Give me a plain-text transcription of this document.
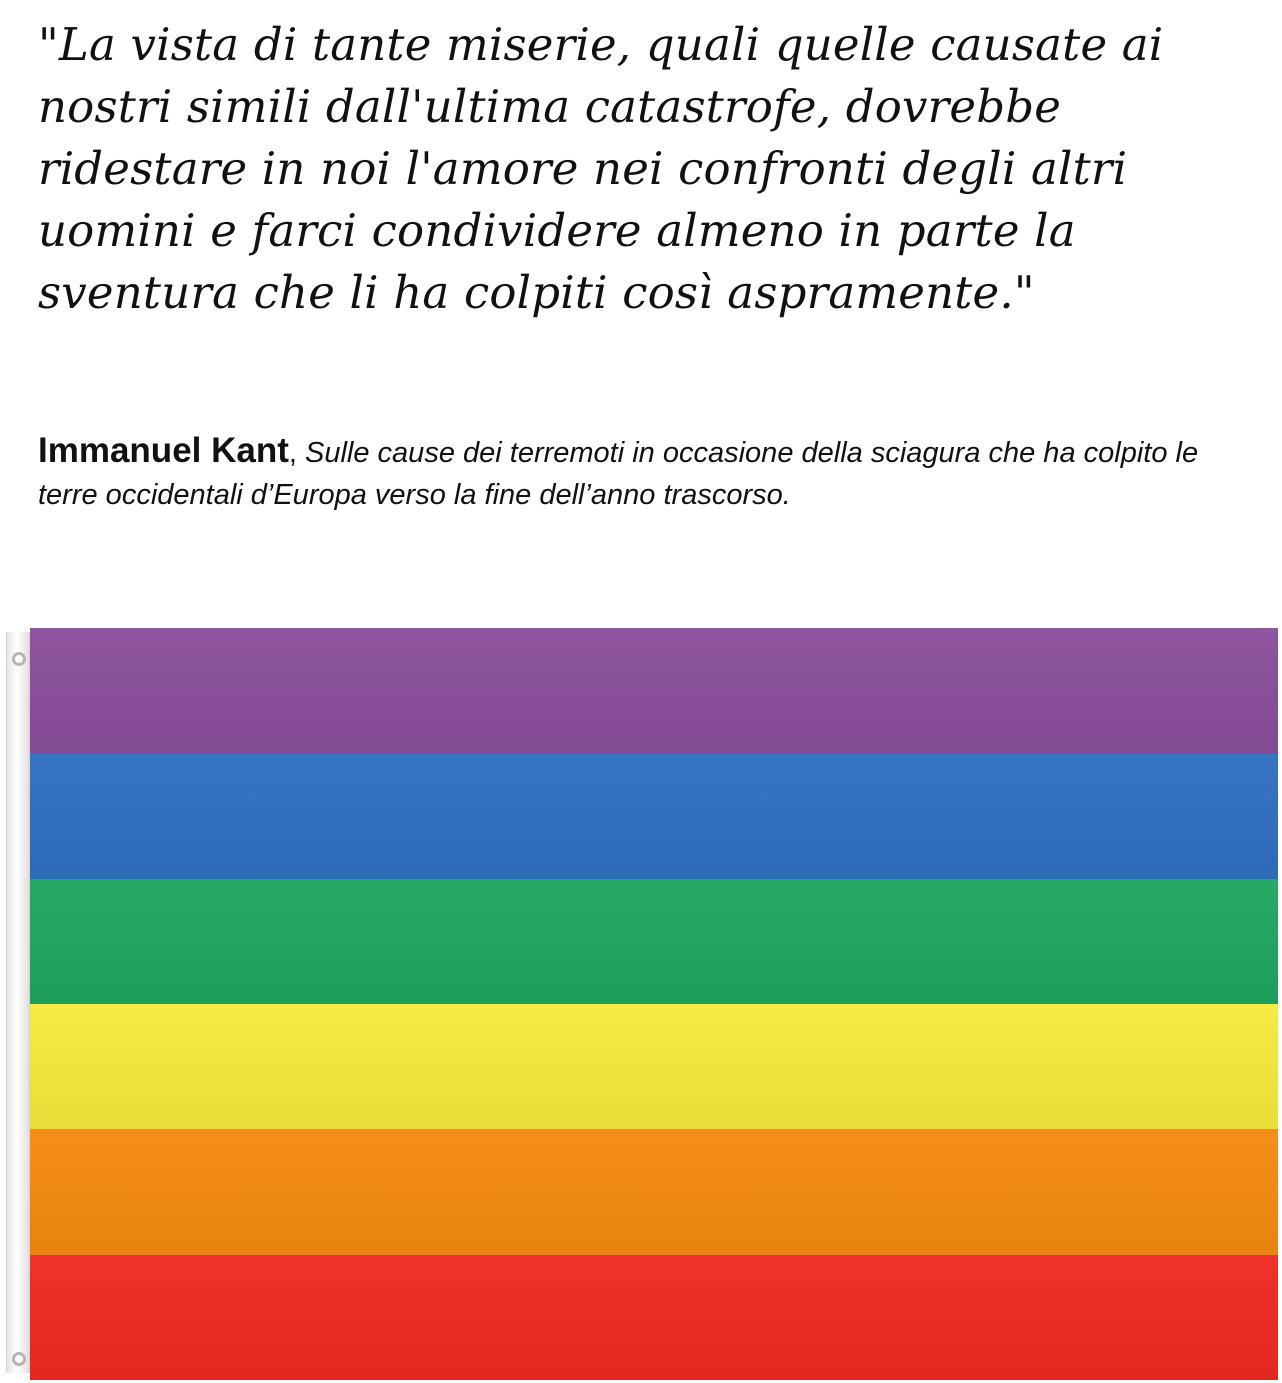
"La vista di tante miserie, quali quelle causate ai nostri simili dall'ultima catastrofe, dovrebbe ridestare in noi l'amore nei confronti degli altri uomini e farci condividere almeno in parte la sventura che li ha colpiti così aspramente."

Immanuel Kant, Sulle cause dei terremoti in occasione della sciagura che ha colpito le terre occidentali d’Europa verso la fine dell’anno trascorso.
